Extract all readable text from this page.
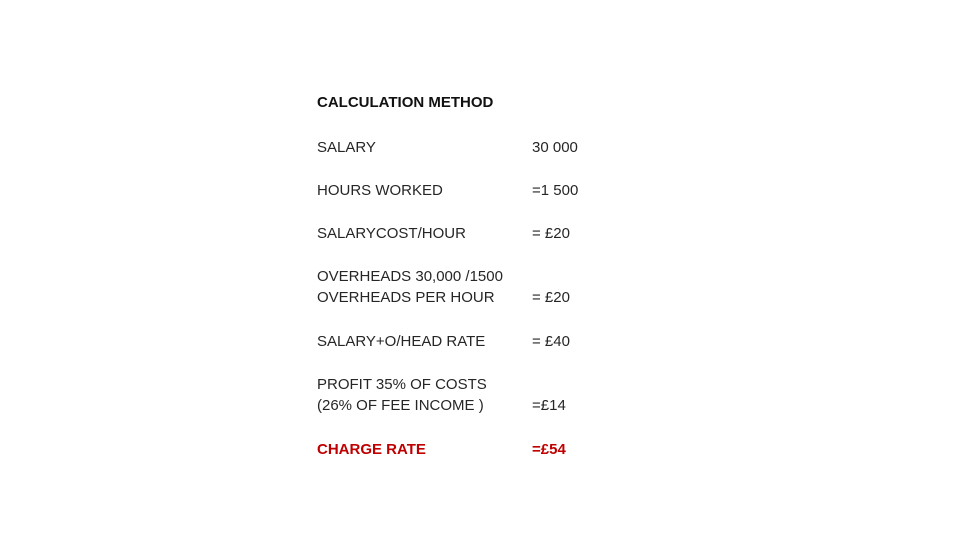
CALCULATION METHOD
SALARY	30 000
HOURS WORKED	=1 500
SALARYCOST/HOUR	= £20
OVERHEADS 30,000 /1500
OVERHEADS PER HOUR	= £20
SALARY+O/HEAD RATE	= £40
PROFIT 35% OF COSTS
(26% OF FEE INCOME )	=£14
CHARGE RATE	=£54
